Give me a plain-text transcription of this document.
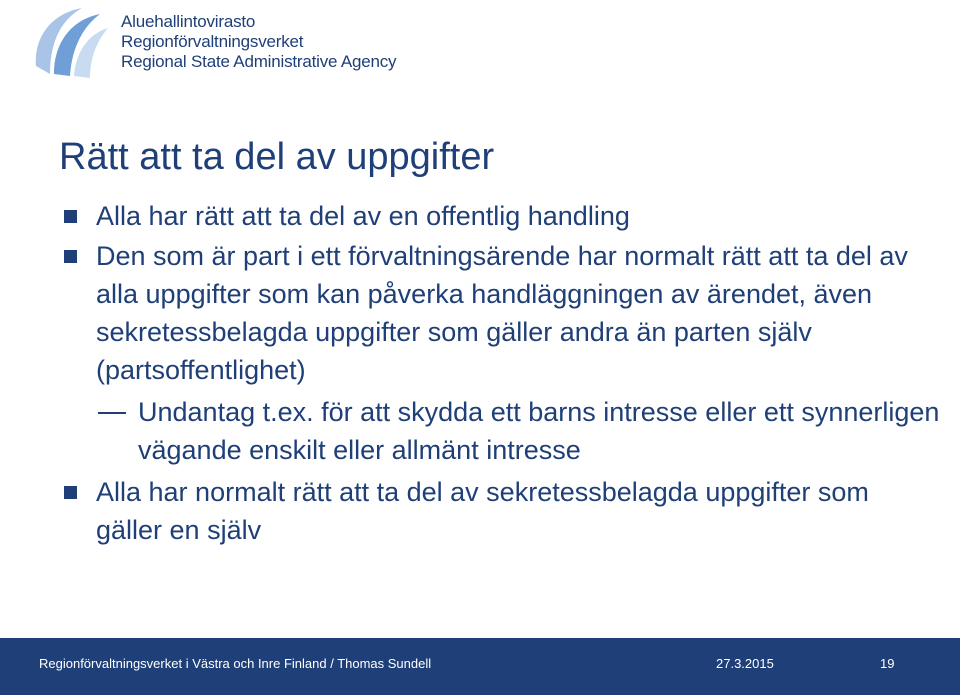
Aluehallintovirasto
Regionförvaltningsverket
Regional State Administrative Agency
Rätt att ta del av uppgifter
Alla har rätt att ta del av en offentlig handling
Den som är part i ett förvaltningsärende har normalt rätt att ta del av alla uppgifter som kan påverka handläggningen av ärendet, även sekretessbelagda uppgifter som gäller andra än parten själv (partsoffentlighet)
Undantag t.ex. för att skydda ett barns intresse eller ett synnerligen vägande enskilt eller allmänt intresse
Alla har normalt rätt att ta del av sekretessbelagda uppgifter som gäller en själv
Regionförvaltningsverket i Västra och Inre Finland / Thomas Sundell	27.3.2015	19
